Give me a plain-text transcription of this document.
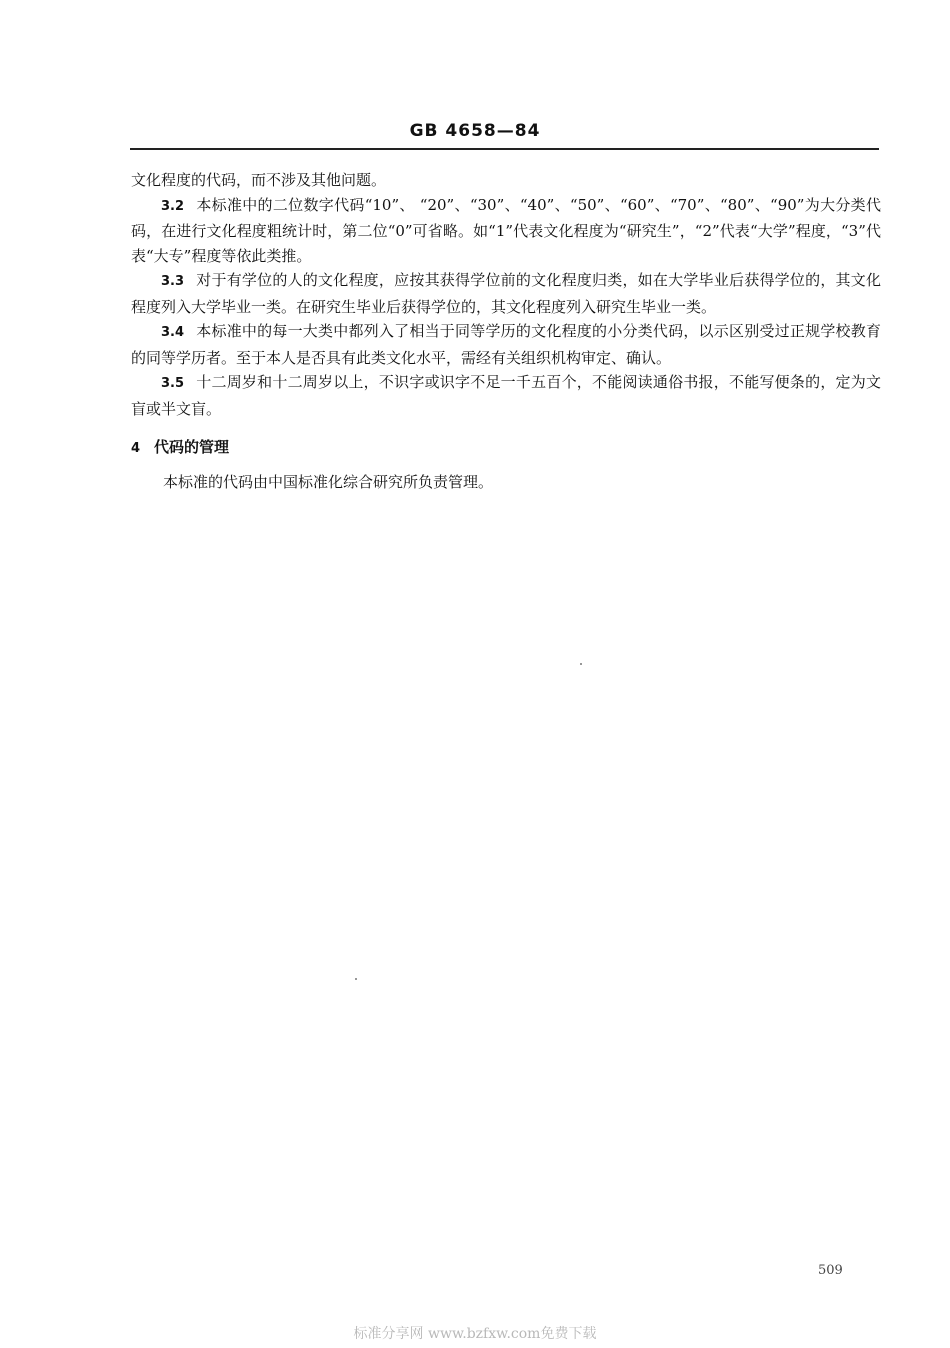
GB 4658—84

文化程度的代码，而不涉及其他问题。

3.2 本标准中的二位数字代码“10”、 “20”、“30”、“40”、“50”、“60”、“70”、“80”、“90”为大分类代码，在进行文化程度粗统计时，第二位“0”可省略。如“1”代表文化程度为“研究生”，“2”代表“大学”程度，“3”代表“大专”程度等依此类推。

3.3 对于有学位的人的文化程度，应按其获得学位前的文化程度归类，如在大学毕业后获得学位的，其文化程度列入大学毕业一类。在研究生毕业后获得学位的，其文化程度列入研究生毕业一类。

3.4 本标准中的每一大类中都列入了相当于同等学历的文化程度的小分类代码，以示区别受过正规学校教育的同等学历者。至于本人是否具有此类文化水平，需经有关组织机构审定、确认。

3.5 十二周岁和十二周岁以上，不识字或识字不足一千五百个，不能阅读通俗书报，不能写便条的，定为文盲或半文盲。

4 代码的管理

本标准的代码由中国标准化综合研究所负责管理。

509
标准分享网 www.bzfxw.com免费下载
